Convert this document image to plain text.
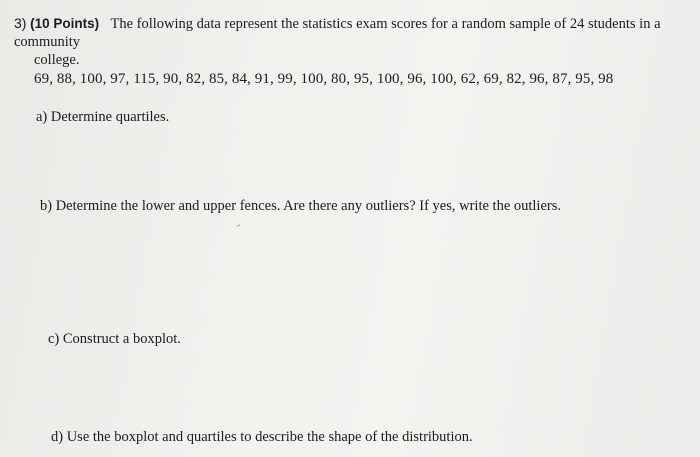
3) (10 Points) The following data represent the statistics exam scores for a random sample of 24 students in a community
college.
69, 88, 100, 97, 115, 90, 82, 85, 84, 91, 99, 100, 80, 95, 100, 96, 100, 62, 69, 82, 96, 87, 95, 98
a) Determine quartiles.
b) Determine the lower and upper fences. Are there any outliers? If yes, write the outliers.
c) Construct a boxplot.
d) Use the boxplot and quartiles to describe the shape of the distribution.
